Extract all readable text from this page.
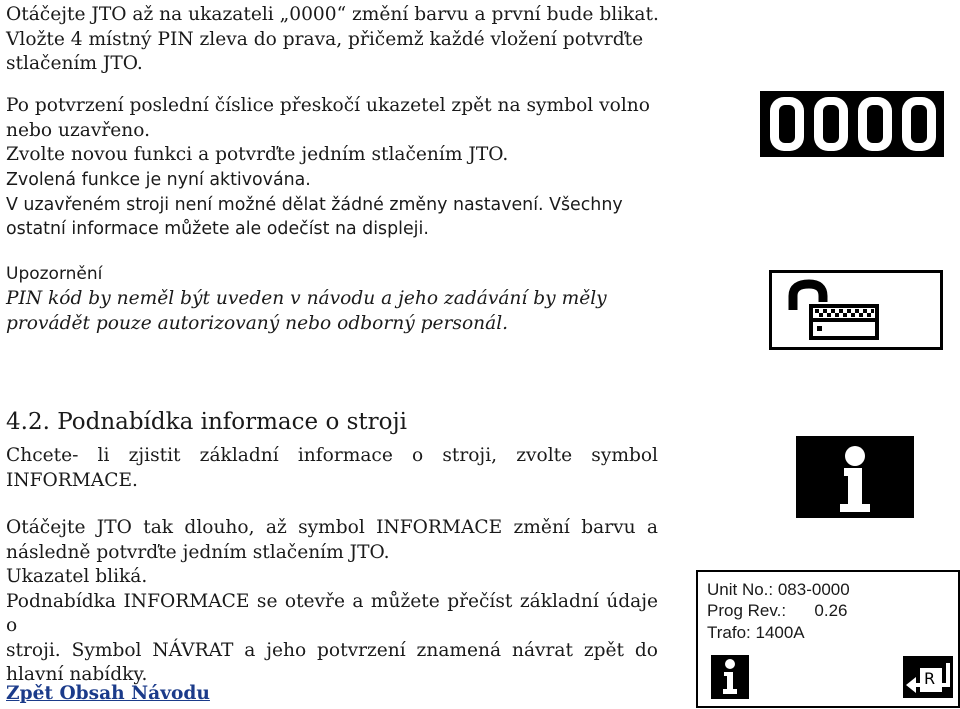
Otáčejte JTO až na ukazateli „0000“ změní barvu a první bude blikat.
Vložte 4 místný PIN zleva do prava, přičemž každé vložení potvrďte
stlačením JTO.
Po potvrzení poslední číslice přeskočí ukazetel zpět na symbol volno
nebo uzavřeno.
Zvolte novou funkci a potvrďte jedním stlačením JTO.
Zvolená funkce je nyní aktivována.
V uzavřeném stroji není možné dělat žádné změny nastavení. Všechny
ostatní informace můžete ale odečíst na displeji.
Upozornění
PIN kód by neměl být uveden v návodu a jeho zadávání by měly
provádět pouze autorizovaný nebo odborný personál.
4.2. Podnabídka informace o stroji
Chcete- li zjistit základní informace o stroji, zvolte symbol
INFORMACE.
Otáčejte JTO tak dlouho, až symbol INFORMACE změní barvu a
následně potvrďte jedním stlačením JTO.
Ukazatel bliká.
Podnabídka INFORMACE se otevře a můžete přečíst základní údaje o
stroji. Symbol NÁVRAT a jeho potvrzení znamená návrat zpět do
hlavní nabídky.
Zpět Obsah Návodu
Unit No.: 083-0000
Prog Rev.:      0.26
Trafo: 1400A
R
